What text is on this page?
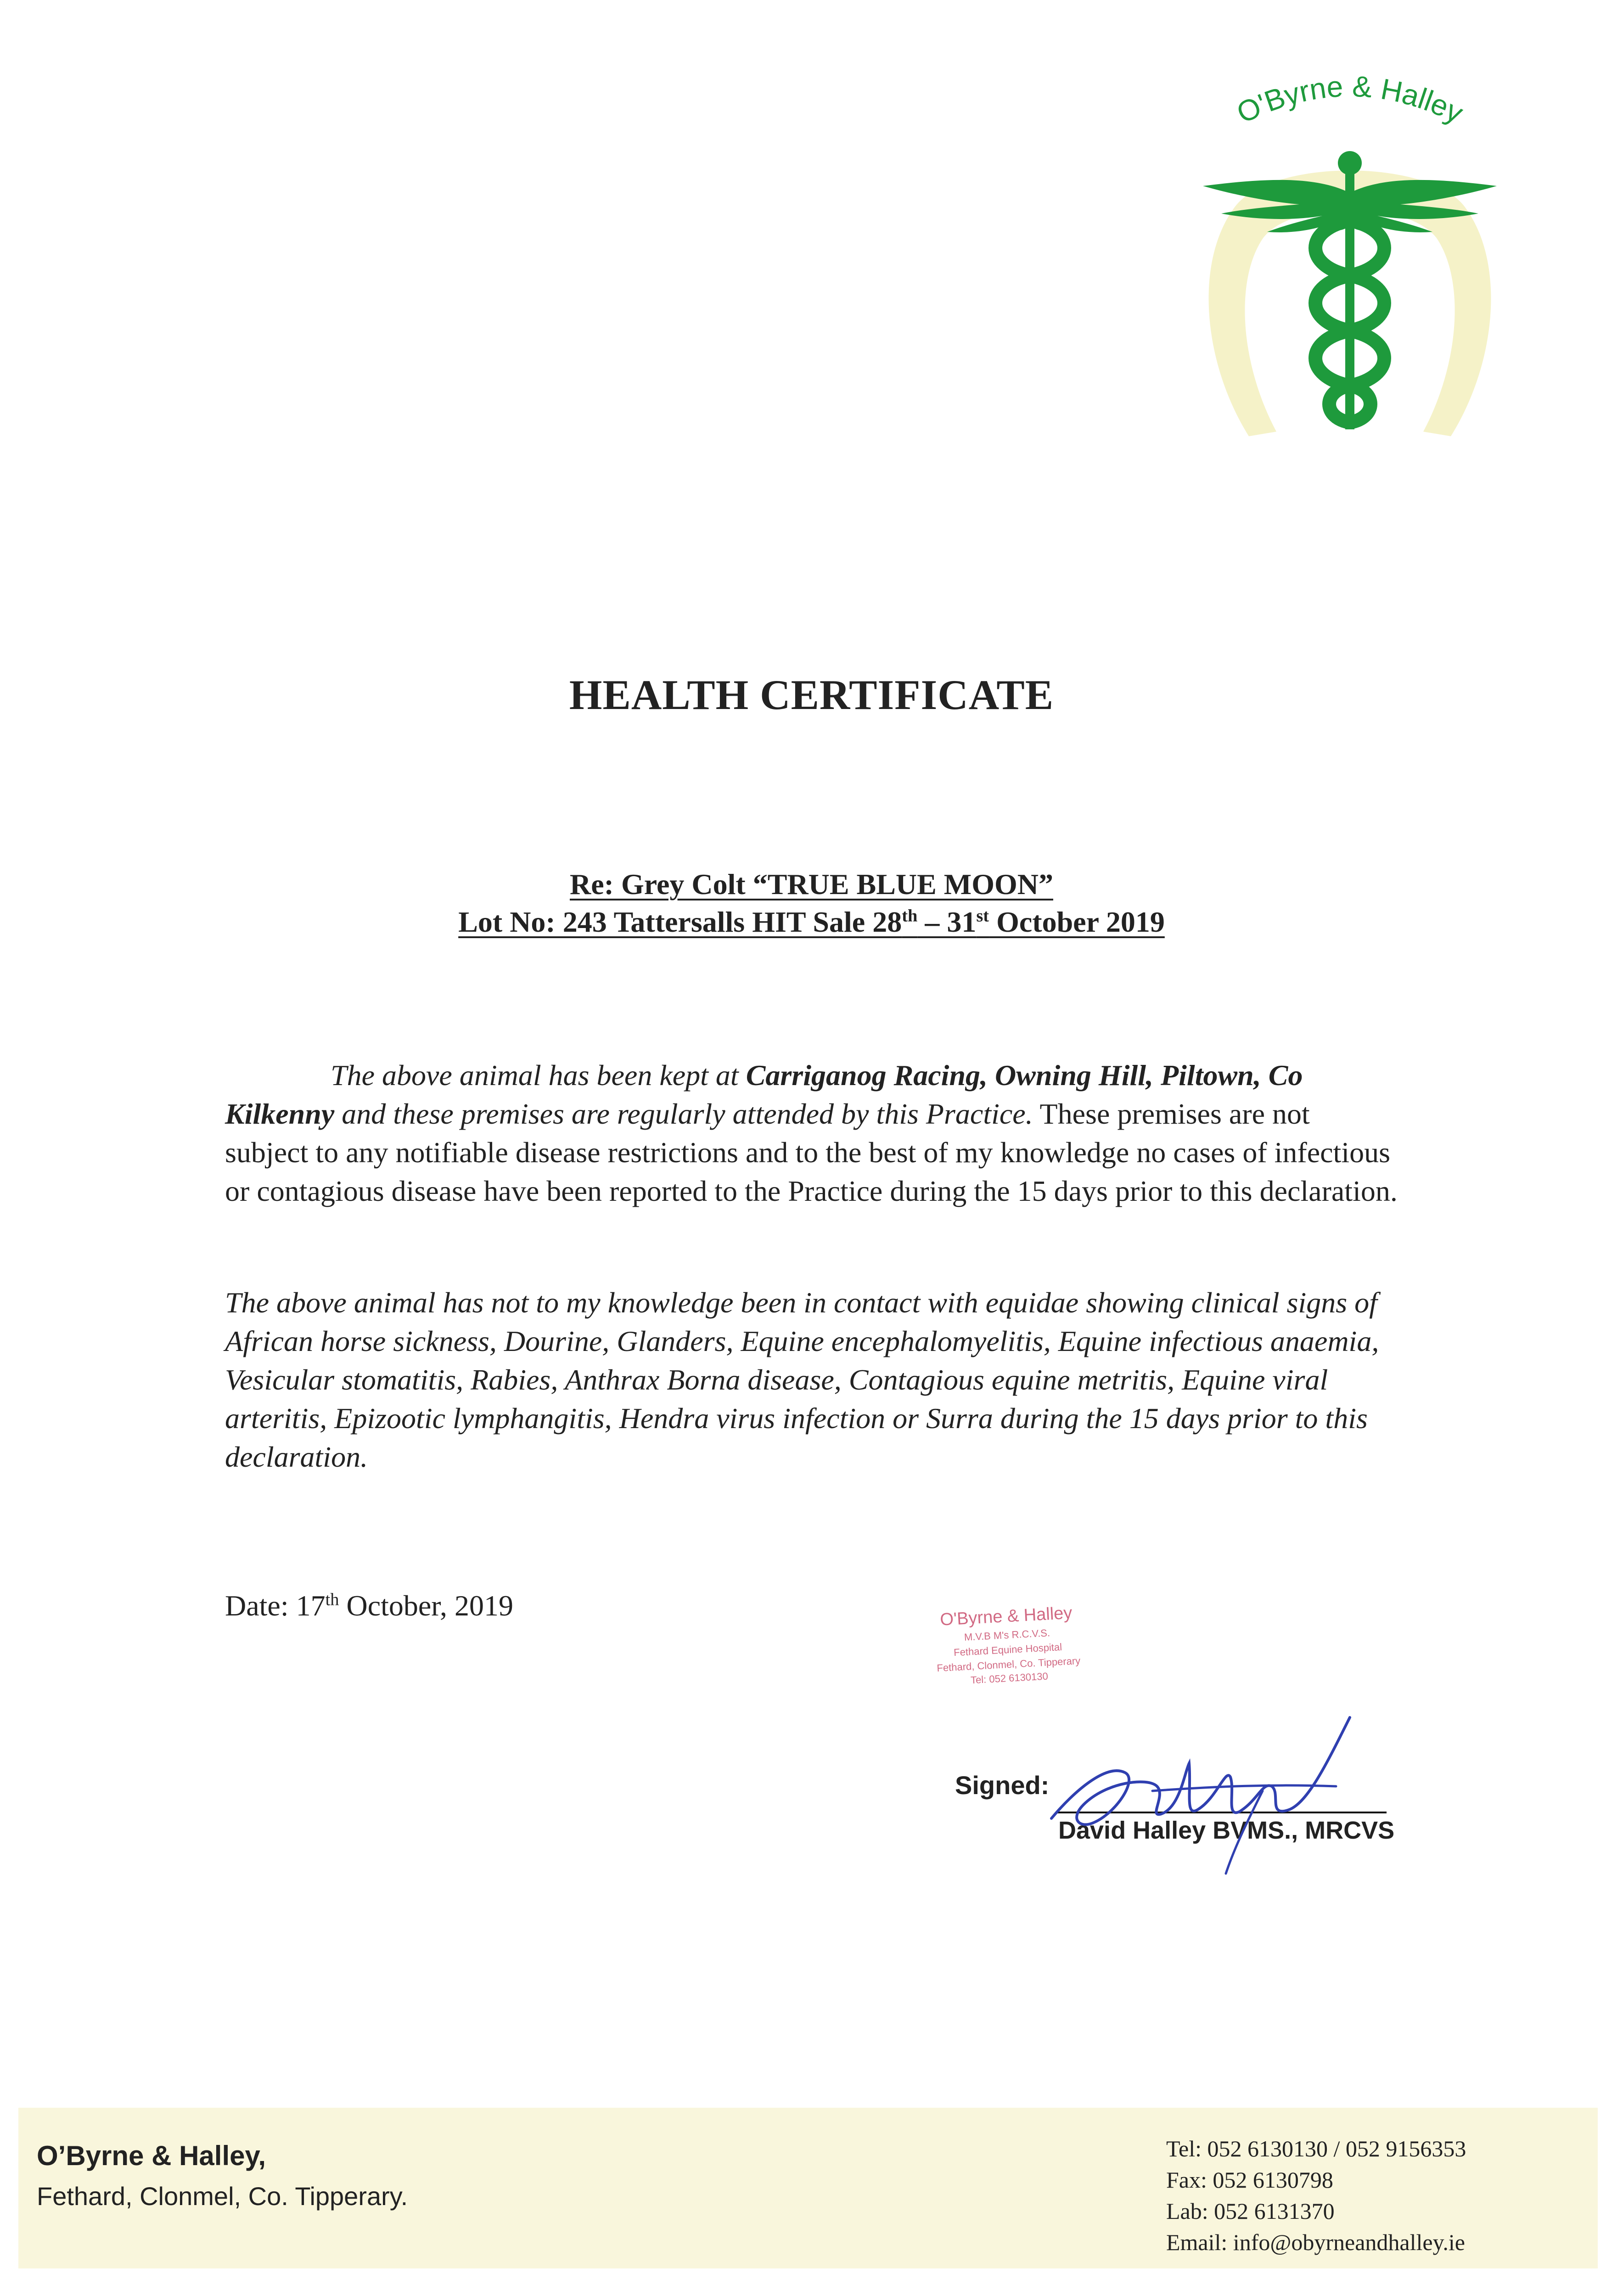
O'Byrne & Halley
HEALTH CERTIFICATE
Re: Grey Colt “TRUE BLUE MOON”
Lot No: 243 Tattersalls HIT Sale 28th – 31st October 2019
The above animal has been kept at Carriganog Racing, Owning Hill, Piltown, Co Kilkenny and these premises are regularly attended by this Practice. These premises are not subject to any notifiable disease restrictions and to the best of my knowledge no cases of infectious or contagious disease have been reported to the Practice during the 15 days prior to this declaration.
The above animal has not to my knowledge been in contact with equidae showing clinical signs of African horse sickness, Dourine, Glanders, Equine encephalomyelitis, Equine infectious anaemia, Vesicular stomatitis, Rabies, Anthrax Borna disease, Contagious equine metritis, Equine viral arteritis, Epizootic lymphangitis, Hendra virus infection or Surra during the 15 days prior to this declaration.
Date: 17th October, 2019	O'Byrne & Halley
M.V.B M's R.C.V.S.
Fethard Equine Hospital
Fethard, Clonmel, Co. Tipperary
Tel: 052 6130130
Signed:
David Halley BVMS., MRCVS
O’Byrne & Halley,
Fethard, Clonmel, Co. Tipperary.
Tel: 052 6130130 / 052 9156353
Fax: 052 6130798
Lab: 052 6131370
Email: info@obyrneandhalley.ie
